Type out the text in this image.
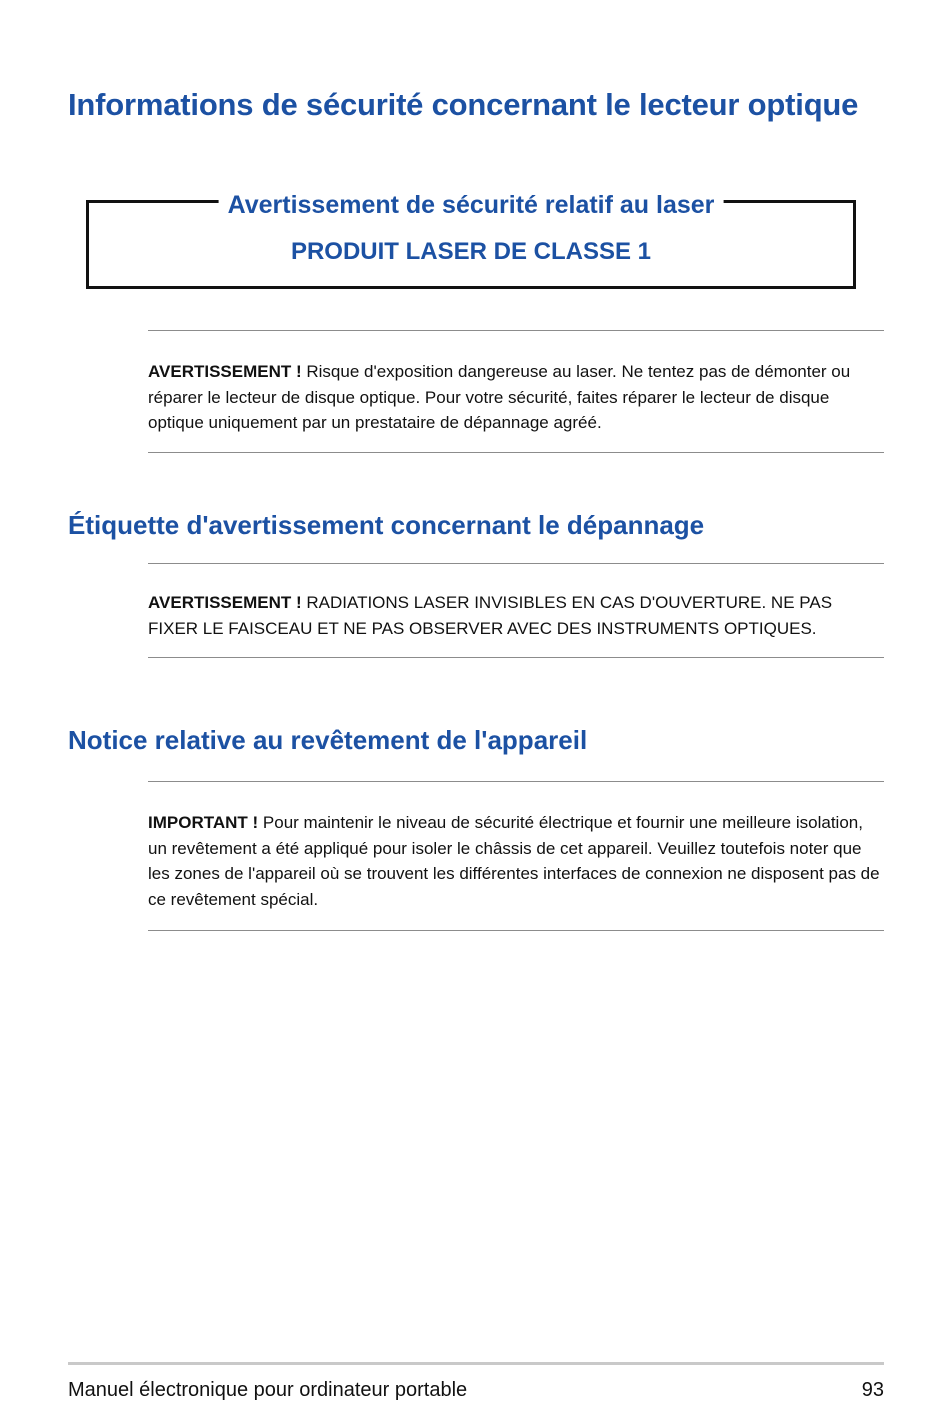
Informations de sécurité concernant le lecteur optique
Avertissement de sécurité relatif au laser
PRODUIT LASER DE CLASSE 1

AVERTISSEMENT ! Risque d'exposition dangereuse au laser. Ne tentez pas de démonter ou réparer le lecteur de disque optique. Pour votre sécurité, faites réparer le lecteur de disque optique uniquement par un prestataire de dépannage agréé.

Étiquette d'avertissement concernant le dépannage

AVERTISSEMENT ! RADIATIONS LASER INVISIBLES EN CAS D'OUVERTURE. NE PAS FIXER LE FAISCEAU ET NE PAS OBSERVER AVEC DES INSTRUMENTS OPTIQUES.

Notice relative au revêtement de l'appareil

IMPORTANT ! Pour maintenir le niveau de sécurité électrique et fournir une meilleure isolation, un revêtement a été appliqué pour isoler le châssis de cet appareil. Veuillez toutefois noter que les zones de l'appareil où se trouvent les différentes interfaces de connexion ne disposent pas de ce revêtement spécial.

Manuel électronique pour ordinateur portable	93
